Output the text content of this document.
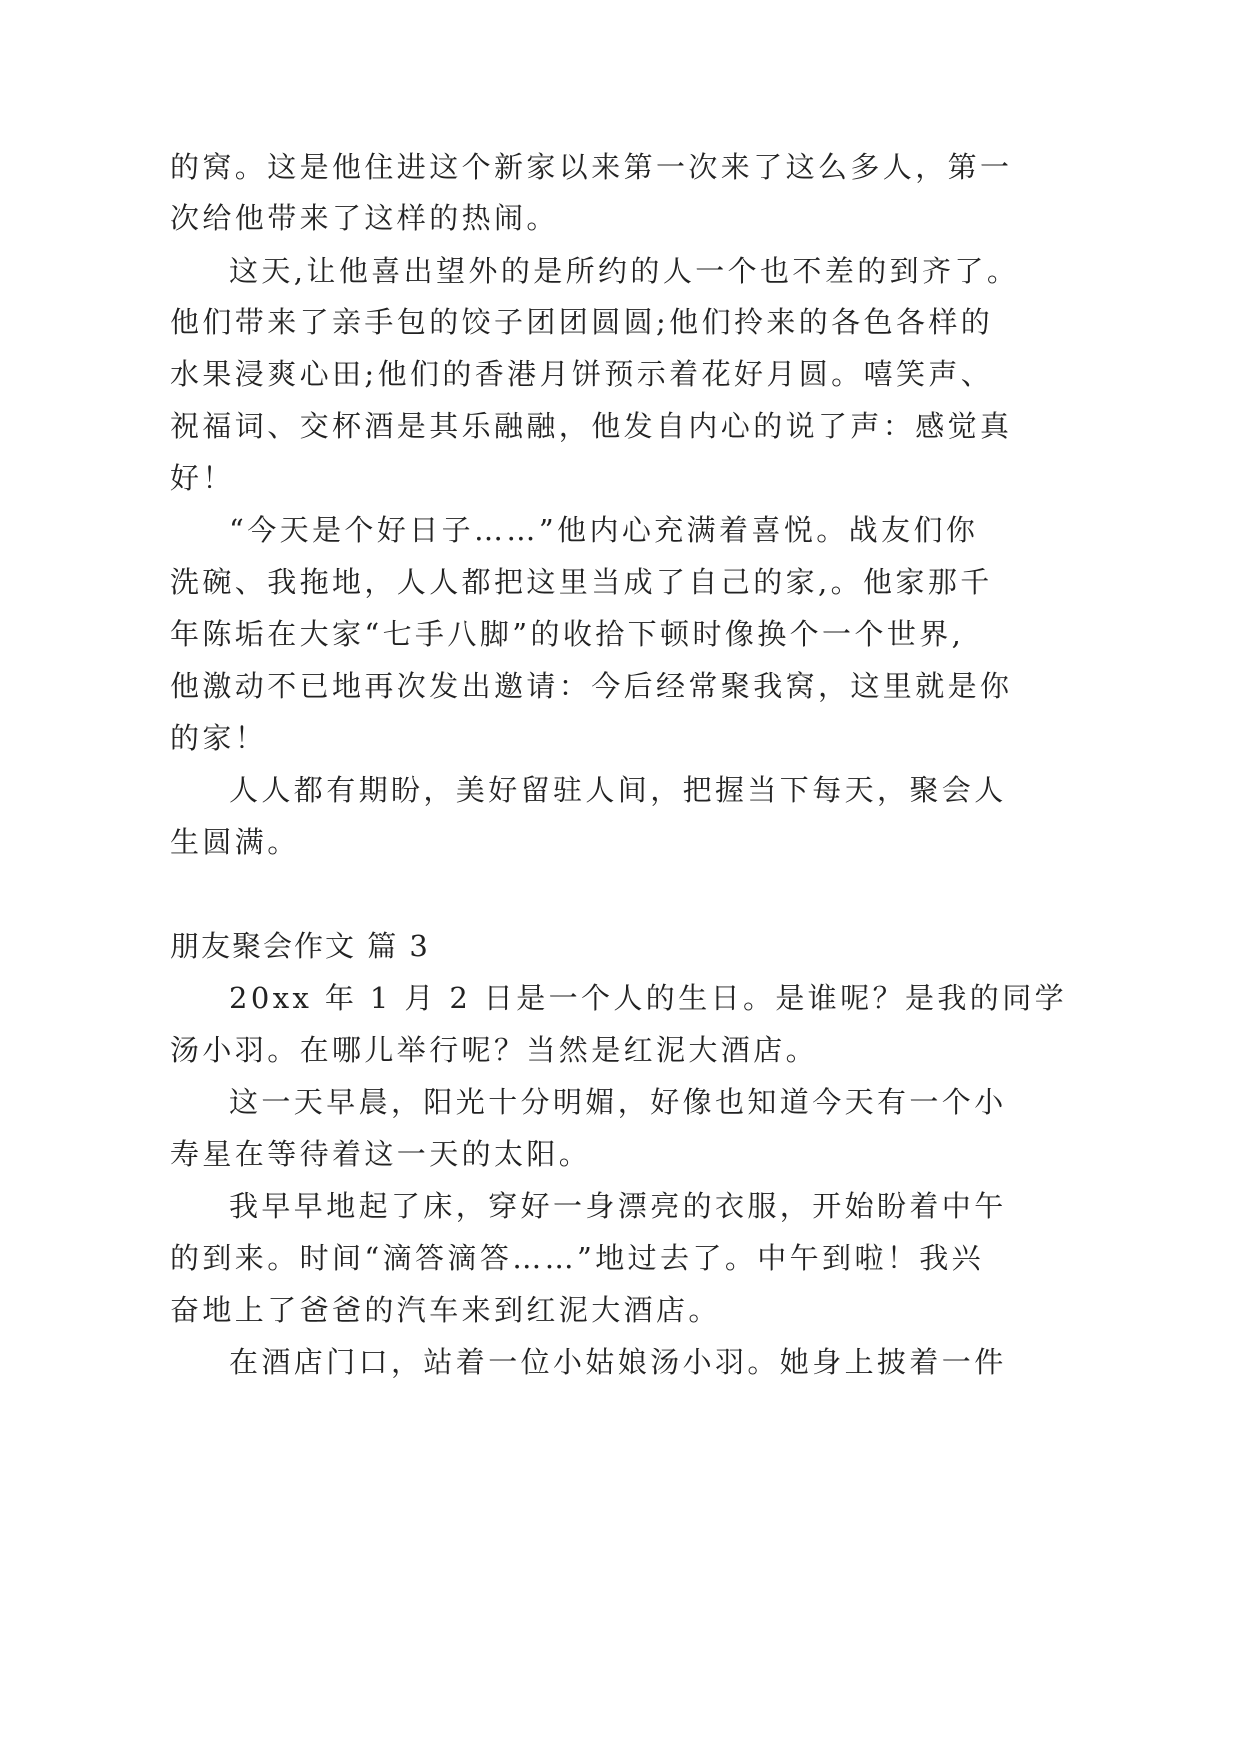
的窝。这是他住进这个新家以来第一次来了这么多人，第一
次给他带来了这样的热闹。
这天,让他喜出望外的是所约的人一个也不差的到齐了。
他们带来了亲手包的饺子团团圆圆;他们拎来的各色各样的
水果浸爽心田;他们的香港月饼预示着花好月圆。嘻笑声、
祝福词、交杯酒是其乐融融，他发自内心的说了声：感觉真
好！
“今天是个好日子……”他内心充满着喜悦。战友们你
洗碗、我拖地，人人都把这里当成了自己的家,。他家那千
年陈垢在大家“七手八脚”的收拾下顿时像换个一个世界,
他激动不已地再次发出邀请：今后经常聚我窝，这里就是你
的家！
人人都有期盼，美好留驻人间，把握当下每天，聚会人
生圆满。
朋友聚会作文 篇 3
20xx 年 1 月 2 日是一个人的生日。是谁呢？是我的同学
汤小羽。在哪儿举行呢？当然是红泥大酒店。
这一天早晨，阳光十分明媚，好像也知道今天有一个小
寿星在等待着这一天的太阳。
我早早地起了床，穿好一身漂亮的衣服，开始盼着中午
的到来。时间“滴答滴答……”地过去了。中午到啦！我兴
奋地上了爸爸的汽车来到红泥大酒店。
在酒店门口，站着一位小姑娘汤小羽。她身上披着一件
